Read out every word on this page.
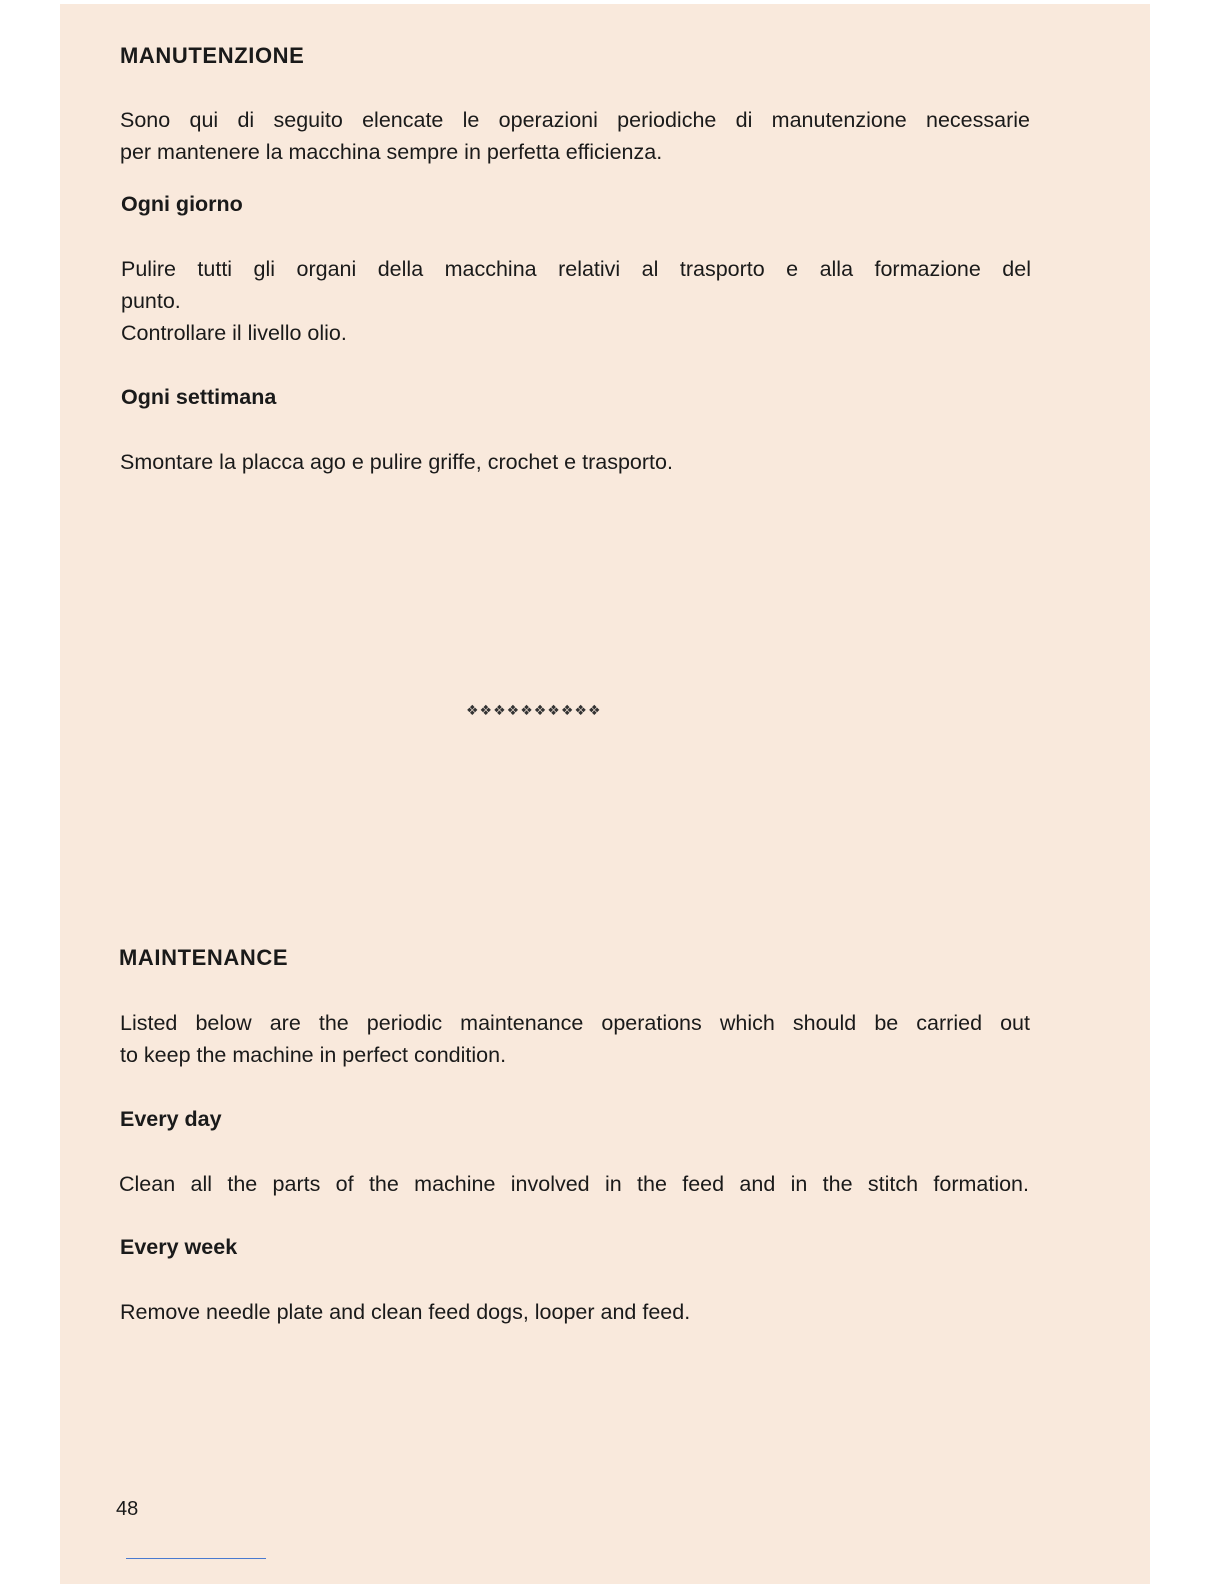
MANUTENZIONE

Sono qui di seguito elencate le operazioni periodiche di manutenzione necessarie

per mantenere la macchina sempre in perfetta efficienza.

Ogni giorno

Pulire tutti gli organi della macchina relativi al trasporto e alla formazione del

punto.

Controllare il livello olio.

Ogni settimana

Smontare la placca ago e pulire griffe, crochet e trasporto.

❖❖❖❖❖❖❖❖❖❖

MAINTENANCE

Listed below are the periodic maintenance operations which should be carried out

to keep the machine in perfect condition.

Every day

Clean all the parts of the machine involved in the feed and in the stitch formation.

Every week

Remove needle plate and clean feed dogs, looper and feed.

48
